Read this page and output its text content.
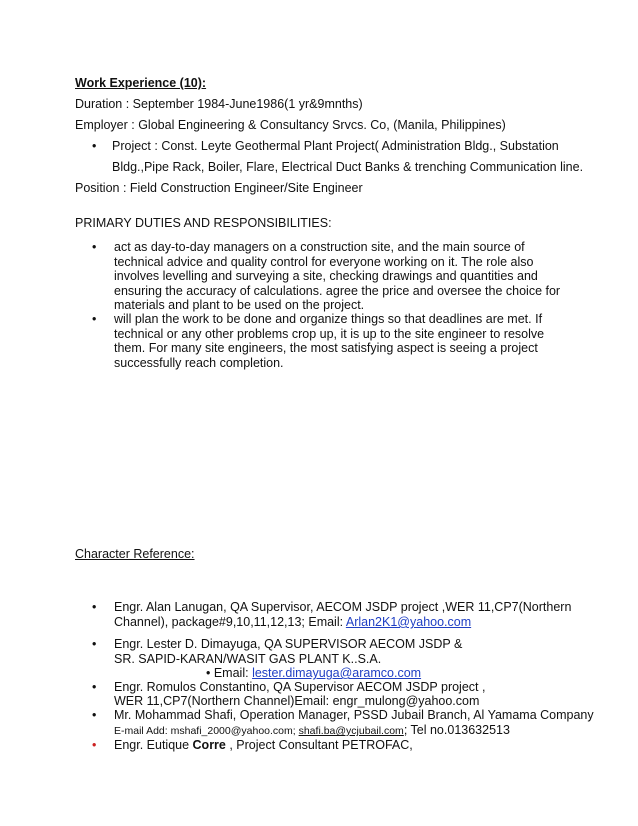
Work Experience (10):
Duration : September 1984-June1986(1 yr&9mnths)
Employer : Global Engineering & Consultancy Srvcs. Co, (Manila, Philippines)
• Project : Const. Leyte Geothermal Plant Project( Administration Bldg., Substation
Bldg.,Pipe Rack, Boiler, Flare, Electrical Duct Banks & trenching Communication line.
Position : Field Construction Engineer/Site Engineer
PRIMARY DUTIES AND RESPONSIBILITIES:
• act as day-to-day managers on a construction site, and the main source of technical advice and quality control for everyone working on it. The role also involves levelling and surveying a site, checking drawings and quantities and ensuring the accuracy of calculations. agree the price and oversee the choice for materials and plant to be used on the project.
• will plan the work to be done and organize things so that deadlines are met. If technical or any other problems crop up, it is up to the site engineer to resolve them. For many site engineers, the most satisfying aspect is seeing a project successfully reach completion.
Character Reference:
• Engr. Alan Lanugan, QA Supervisor, AECOM JSDP project ,WER 11,CP7(Northern
Channel), package#9,10,11,12,13; Email: Arlan2K1@yahoo.com
• Engr. Lester D. Dimayuga, QA SUPERVISOR AECOM JSDP &
SR. SAPID-KARAN/WASIT GAS PLANT K..S.A.
• Email: lester.dimayuga@aramco.com
• Engr. Romulos Constantino, QA Supervisor AECOM JSDP project ,
WER 11,CP7(Northern Channel)Email: engr_mulong@yahoo.com
• Mr. Mohammad Shafi, Operation Manager, PSSD Jubail Branch, Al Yamama Company
E-mail Add: mshafi_2000@yahoo.com; shafi.ba@ycjubail.com; Tel no.013632513
• Engr. Eutique Corre , Project Consultant PETROFAC,
